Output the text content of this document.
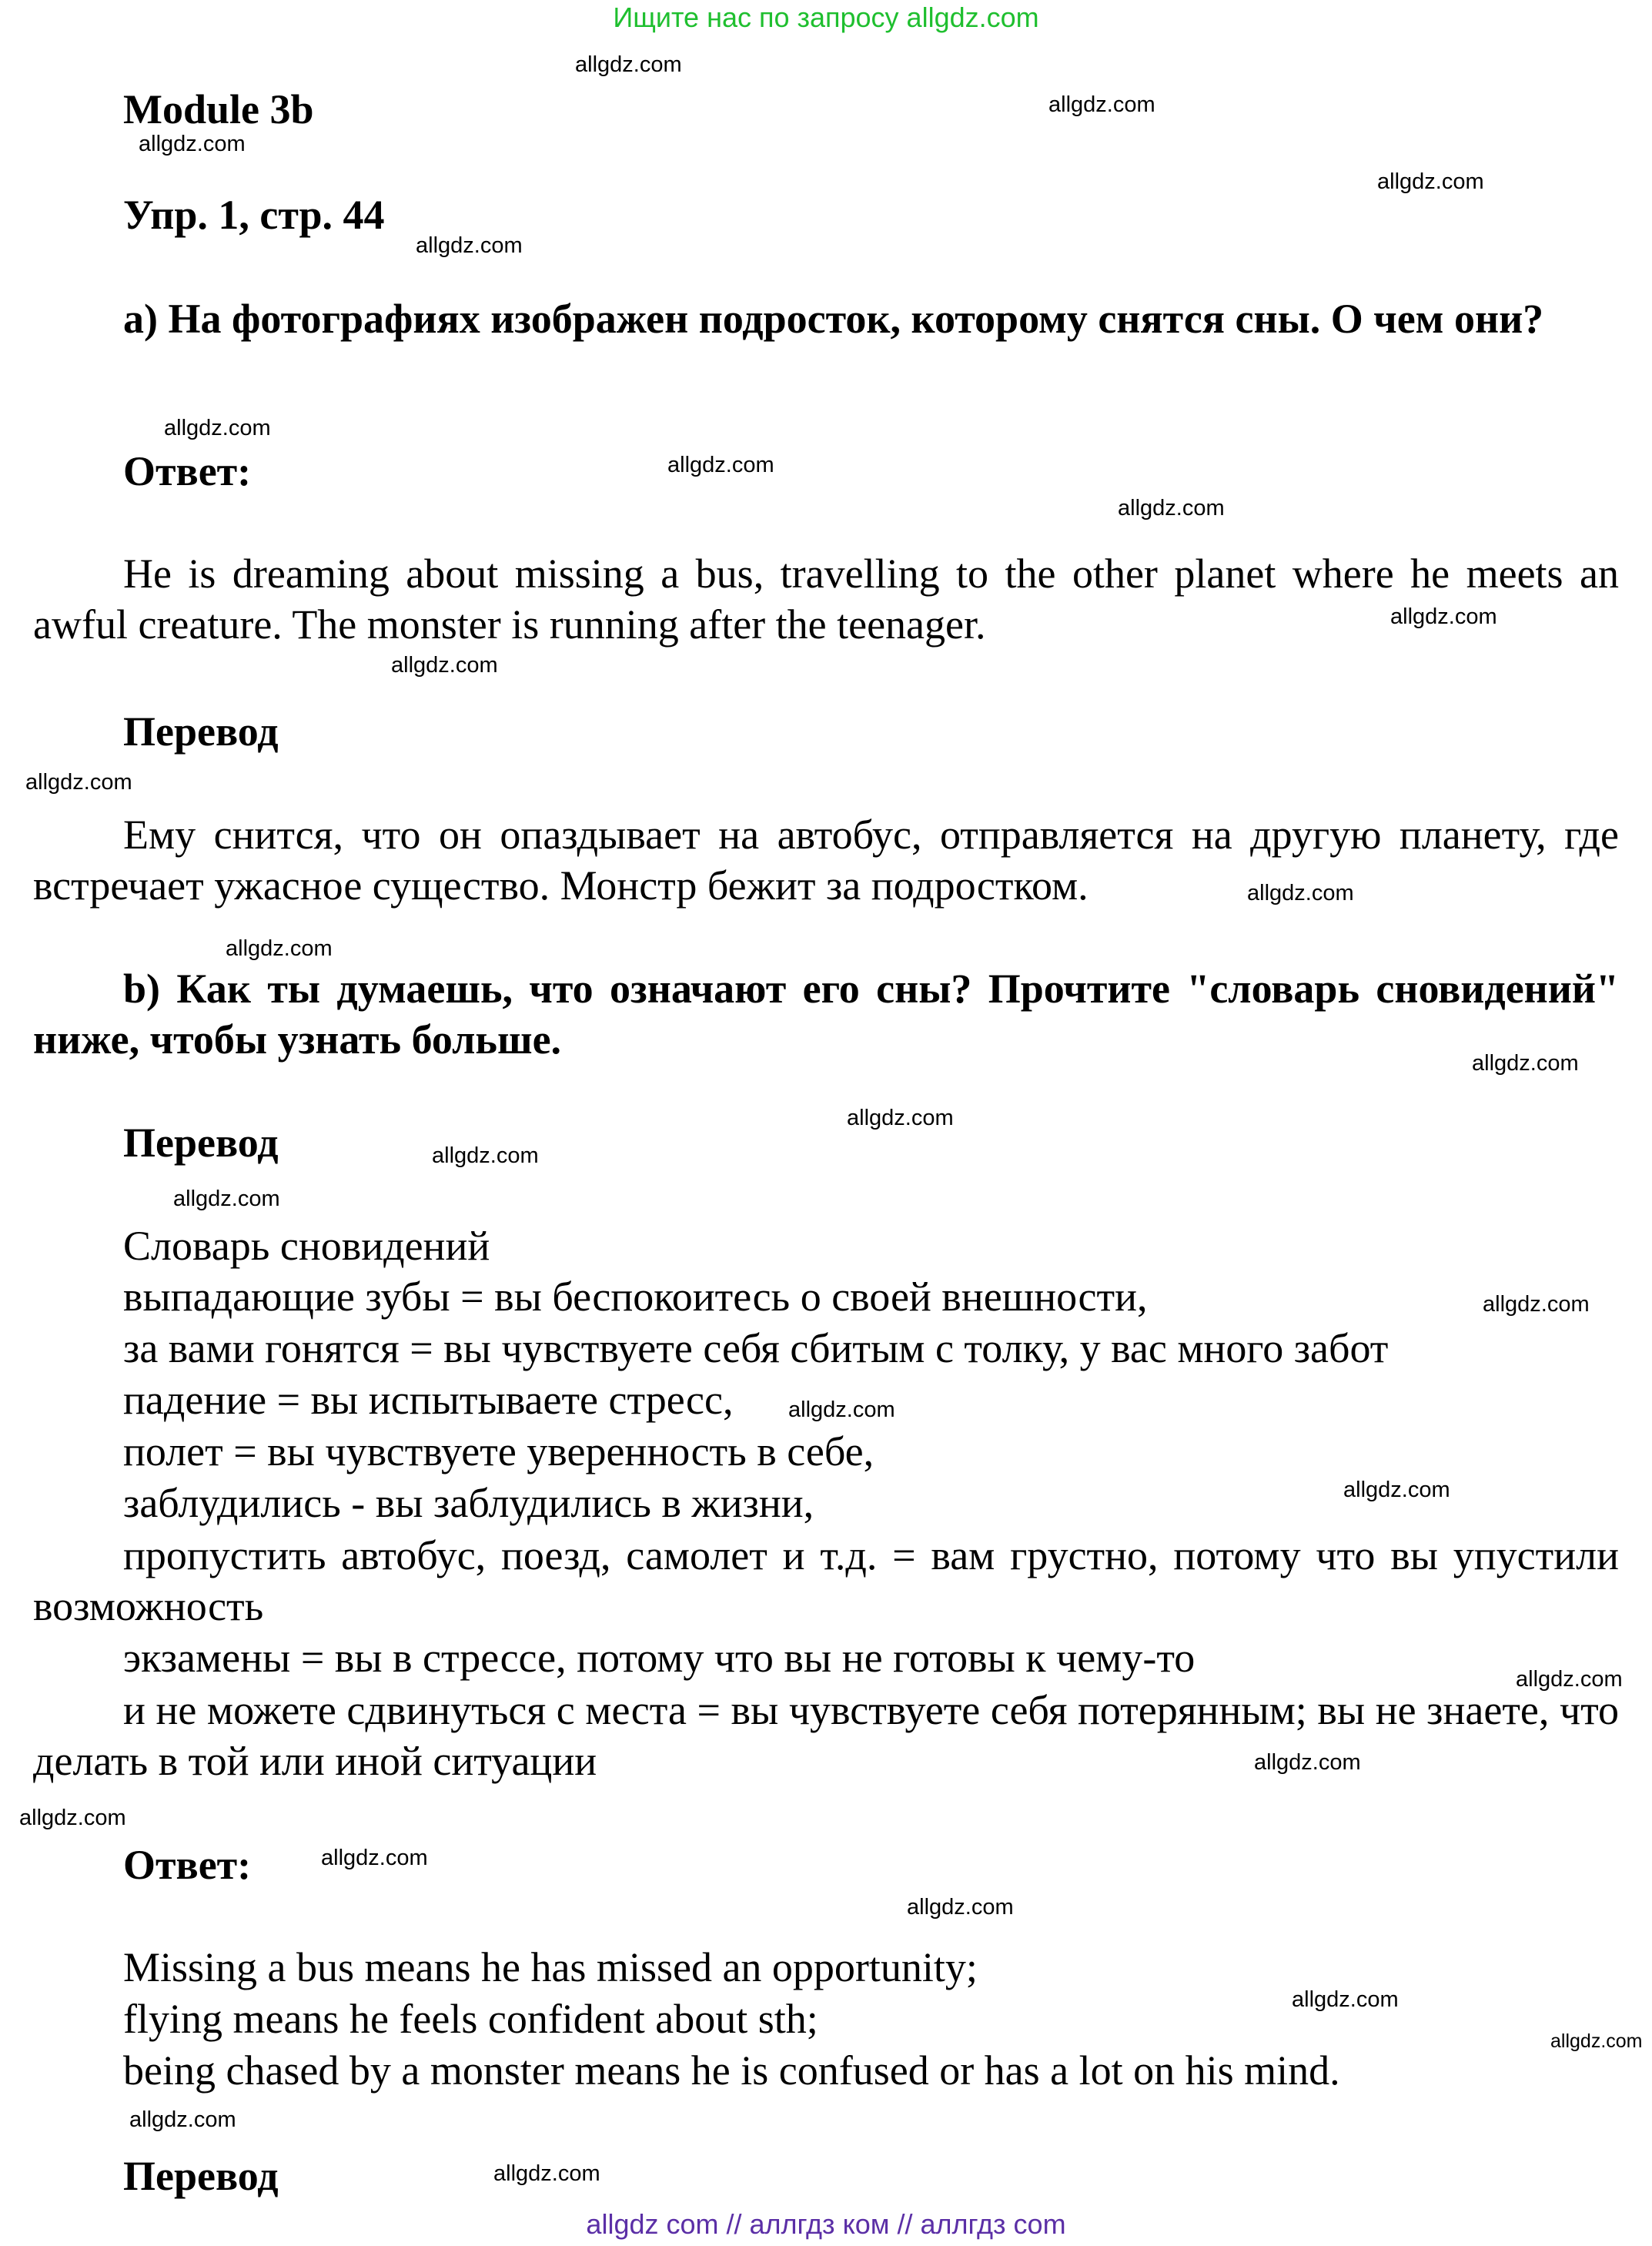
Ищите нас по запросу allgdz.com
Module 3b
Упр. 1, стр. 44
a) На фотографиях изображен подросток, которому снятся сны. О чем они?
Ответ:
He is dreaming about missing a bus, travelling to the other planet where he meets an awful creature. The monster is running after the teenager.
Перевод
Ему снится, что он опаздывает на автобус, отправляется на другую планету, где встречает ужасное существо. Монстр бежит за подростком.
b) Как ты думаешь, что означают его сны? Прочтите "словарь сновидений" ниже, чтобы узнать больше.
Перевод
Словарь сновидений
выпадающие зубы = вы беспокоитесь о своей внешности,
за вами гонятся = вы чувствуете себя сбитым с толку, у вас много забот
падение = вы испытываете стресс,
полет = вы чувствуете уверенность в себе,
заблудились - вы заблудились в жизни,
пропустить автобус, поезд, самолет и т.д. = вам грустно, потому что вы упустили возможность
экзамены = вы в стрессе, потому что вы не готовы к чему-то
и не можете сдвинуться с места = вы чувствуете себя потерянным; вы не знаете, что делать в той или иной ситуации
Ответ:
Missing a bus means he has missed an opportunity;
flying means he feels confident about sth;
being chased by a monster means he is confused or has a lot on his mind.
Перевод
allgdz.com
allgdz.com
allgdz.com
allgdz.com
allgdz.com
allgdz.com
allgdz.com
allgdz.com
allgdz.com
allgdz.com
allgdz.com
allgdz.com
allgdz.com
allgdz.com
allgdz.com
allgdz.com
allgdz.com
allgdz.com
allgdz.com
allgdz.com
allgdz.com
allgdz.com
allgdz.com
allgdz.com
allgdz.com
allgdz.com
allgdz.com
allgdz.com
allgdz.com
allgdz com // аллгдз ком // аллгдз com
